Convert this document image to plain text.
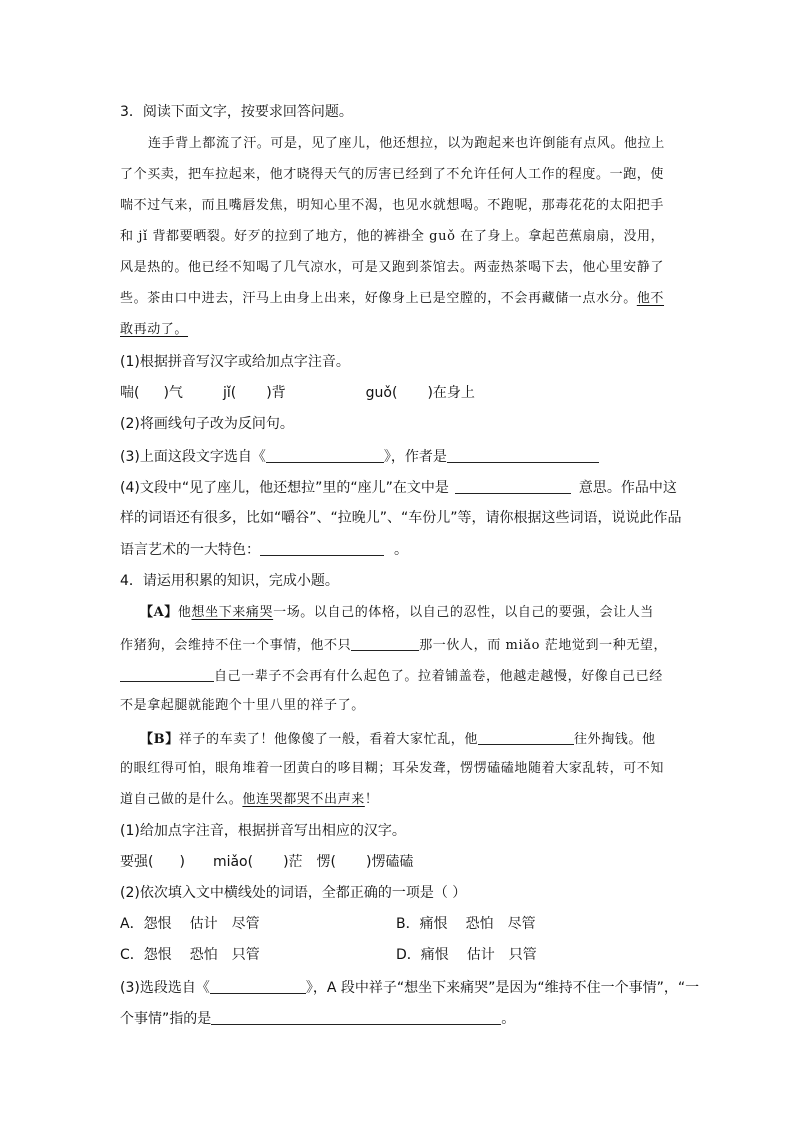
3．阅读下面文字，按要求回答问题。
连手背上都流了汗。可是，见了座儿，他还想拉，以为跑起来也许倒能有点风。他拉上
了个买卖，把车拉起来，他才晓得天气的厉害已经到了不允许任何人工作的程度。一跑，使
喘不过气来，而且嘴唇发焦，明知心里不渴，也见水就想喝。不跑呢，那毒花花的太阳把手
和 jǐ 背都要晒裂。好歹的拉到了地方，他的裤褂全 guǒ 在了身上。拿起芭蕉扇扇，没用，
风是热的。他已经不知喝了几气凉水，可是又跑到茶馆去。两壶热茶喝下去，他心里安静了
些。茶由口中进去，汗马上由身上出来，好像身上已是空膛的，不会再藏储一点水分。他不
敢再动了。
(1)根据拼音写汉字或给加点字注音。
喘( )气	jǐ( )背	guǒ( )在身上
(2)将画线句子改为反问句。
(3)上面这段文字选自《	》，作者是
(4)文段中“见了座儿，他还想拉”里的“座儿”在文中是	意思。作品中这
样的词语还有很多，比如“嚼谷”、“拉晚儿”、“车份儿”等，请你根据这些词语，说说此作品
语言艺术的一大特色：	。
4．请运用积累的知识，完成小题。
【A】他想坐下来痛哭一场。以自己的体格，以自己的忍性，以自己的要强，会让人当
作猪狗，会维持不住一个事情，他不只	那一伙人，而 miǎo 茫地觉到一种无望，
自己一辈子不会再有什么起色了。拉着铺盖卷，他越走越慢，好像自己已经
不是拿起腿就能跑个十里八里的祥子了。
【B】祥子的车卖了！他像傻了一般，看着大家忙乱，他	往外掏钱。他
的眼红得可怕，眼角堆着一团黄白的哆目糊；耳朵发聋，愣愣磕磕地随着大家乱转，可不知
道自己做的是什么。他连哭都哭不出声来！
(1)给加点字注音，根据拼音写出相应的汉字。
要强( ) miǎo( )茫 愣( )愣磕磕
(2)依次填入文中横线处的词语，全都正确的一项是（ ）
A．怨恨 估计 尽管	B．痛恨 恐怕 尽管
C．怨恨 恐怕 只管	D．痛恨 估计 只管
(3)选段选自《	》，A 段中祥子“想坐下来痛哭”是因为“维持不住一个事情”，“一
个事情”指的是	。
